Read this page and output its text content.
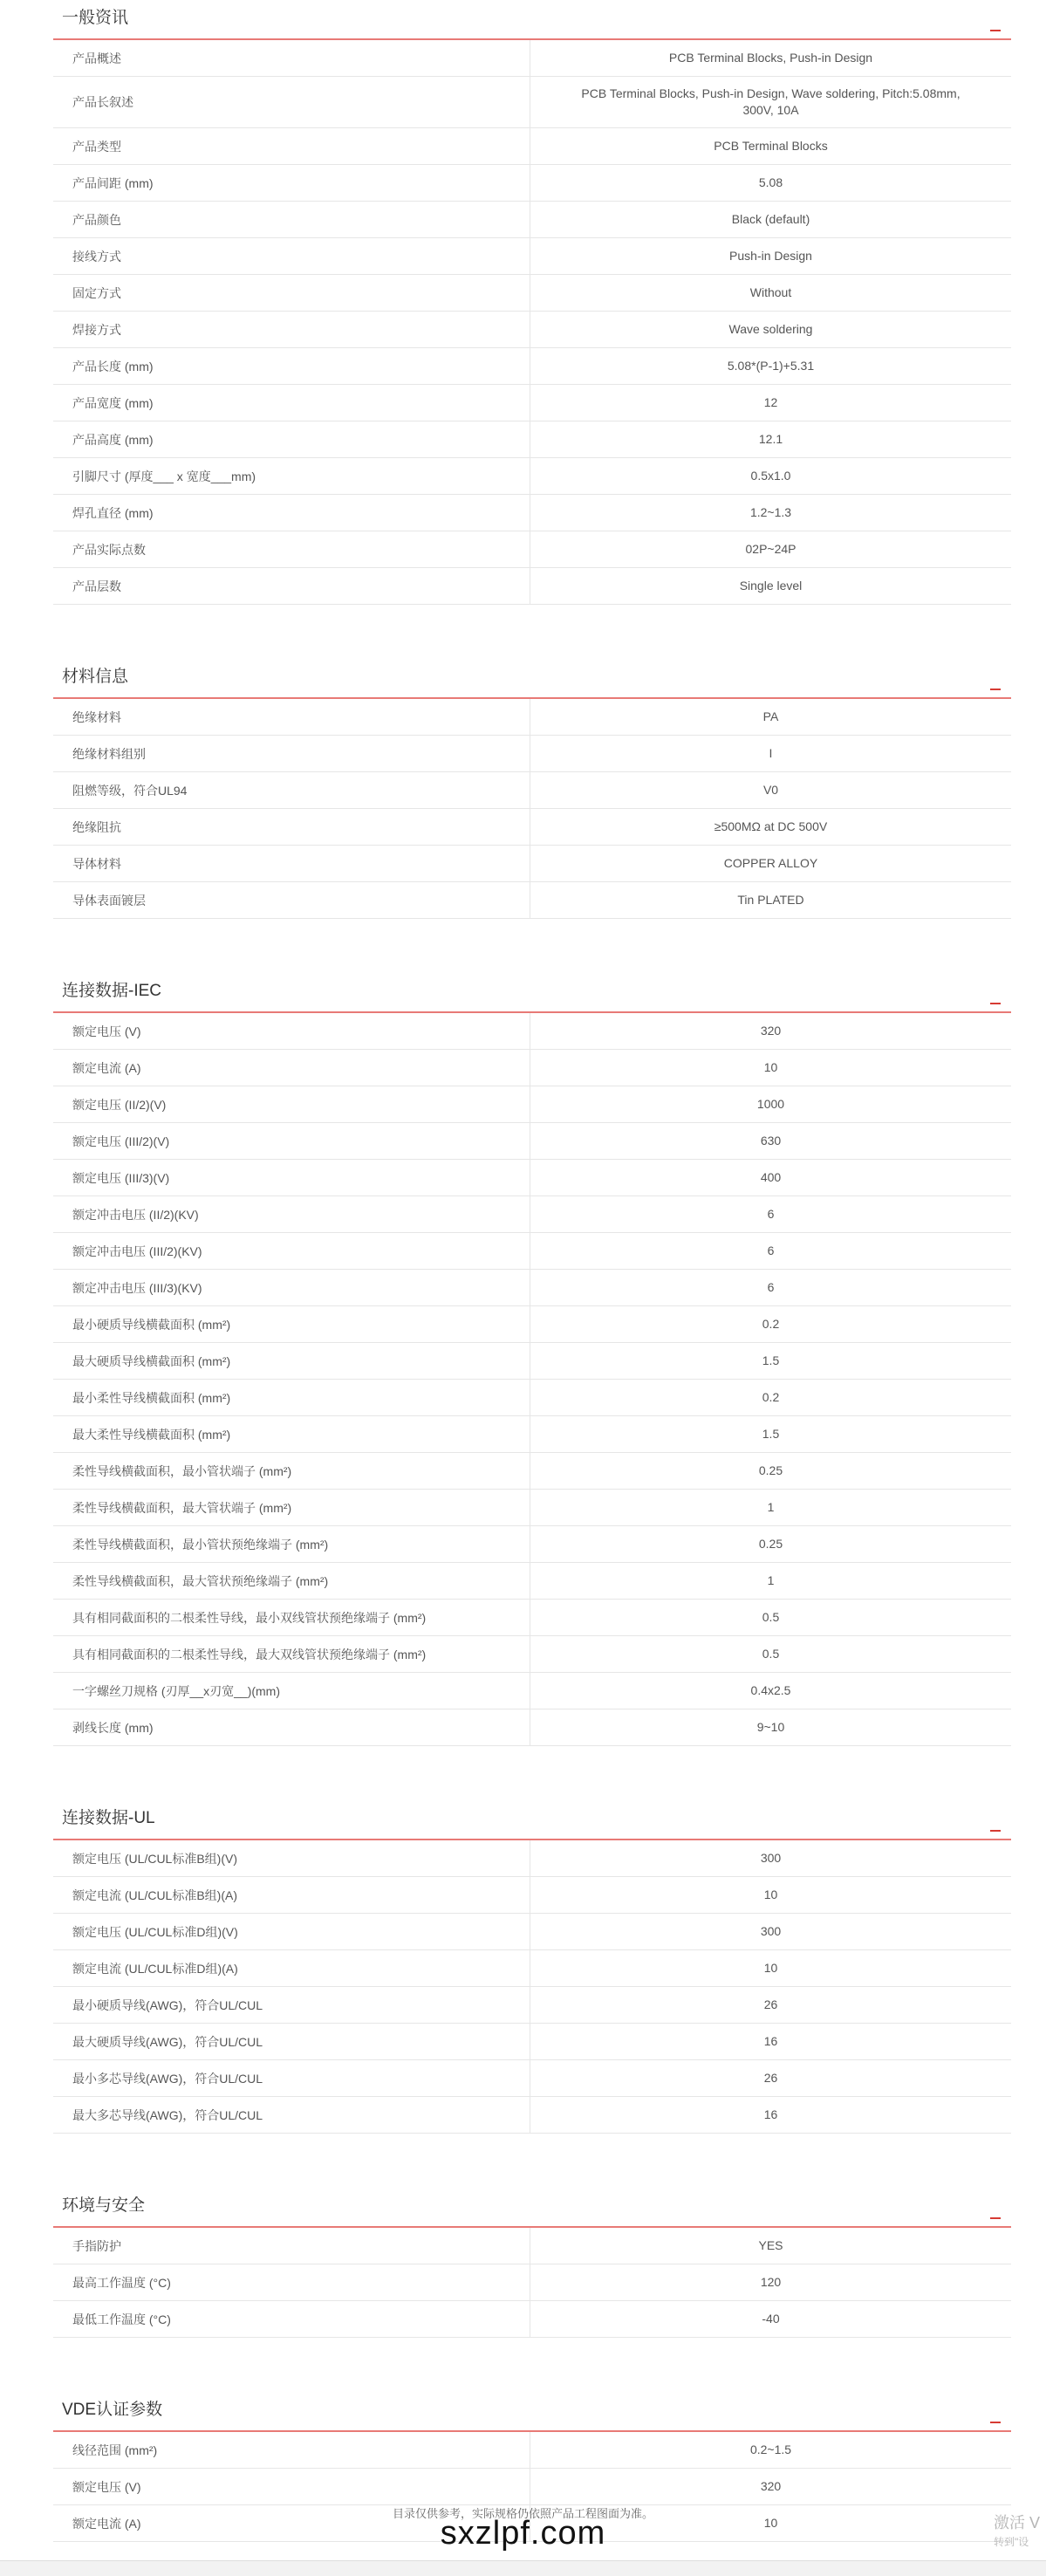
一般资讯
产品概述	PCB Terminal Blocks, Push-in Design
产品长叙述	PCB Terminal Blocks, Push-in Design, Wave soldering, Pitch:5.08mm, 300V, 10A
产品类型	PCB Terminal Blocks
产品间距 (mm)	5.08
产品颜色	Black (default)
接线方式	Push-in Design
固定方式	Without
焊接方式	Wave soldering
产品长度 (mm)	5.08*(P-1)+5.31
产品宽度 (mm)	12
产品高度 (mm)	12.1
引脚尺寸 (厚度___ x 宽度___mm)	0.5x1.0
焊孔直径 (mm)	1.2~1.3
产品实际点数	02P~24P
产品层数	Single level
材料信息
绝缘材料	PA
绝缘材料组别	I
阻燃等级，符合UL94	V0
绝缘阻抗	≥500MΩ at DC 500V
导体材料	COPPER ALLOY
导体表面镀层	Tin PLATED
连接数据-IEC
额定电压 (V)	320
额定电流 (A)	10
额定电压 (II/2)(V)	1000
额定电压 (III/2)(V)	630
额定电压 (III/3)(V)	400
额定冲击电压 (II/2)(KV)	6
额定冲击电压 (III/2)(KV)	6
额定冲击电压 (III/3)(KV)	6
最小硬质导线横截面积 (mm²)	0.2
最大硬质导线横截面积 (mm²)	1.5
最小柔性导线横截面积 (mm²)	0.2
最大柔性导线横截面积 (mm²)	1.5
柔性导线横截面积，最小管状端子 (mm²)	0.25
柔性导线横截面积，最大管状端子 (mm²)	1
柔性导线横截面积，最小管状预绝缘端子 (mm²)	0.25
柔性导线横截面积，最大管状预绝缘端子 (mm²)	1
具有相同截面积的二根柔性导线，最小双线管状预绝缘端子 (mm²)	0.5
具有相同截面积的二根柔性导线，最大双线管状预绝缘端子 (mm²)	0.5
一字螺丝刀规格 (刃厚__x刃宽__)(mm)	0.4x2.5
剥线长度 (mm)	9~10
连接数据-UL
额定电压 (UL/CUL标准B组)(V)	300
额定电流 (UL/CUL标准B组)(A)	10
额定电压 (UL/CUL标准D组)(V)	300
额定电流 (UL/CUL标准D组)(A)	10
最小硬质导线(AWG)，符合UL/CUL	26
最大硬质导线(AWG)，符合UL/CUL	16
最小多芯导线(AWG)，符合UL/CUL	26
最大多芯导线(AWG)，符合UL/CUL	16
环境与安全
手指防护	YES
最高工作温度 (°C)	120
最低工作温度 (°C)	-40
VDE认证参数
线径范围 (mm²)	0.2~1.5
额定电压 (V)	320
额定电流 (A)	10
目录仅供参考，实际规格仍依照产品工程图面为准。
sxzlpf.com	激活 V
转到"设
